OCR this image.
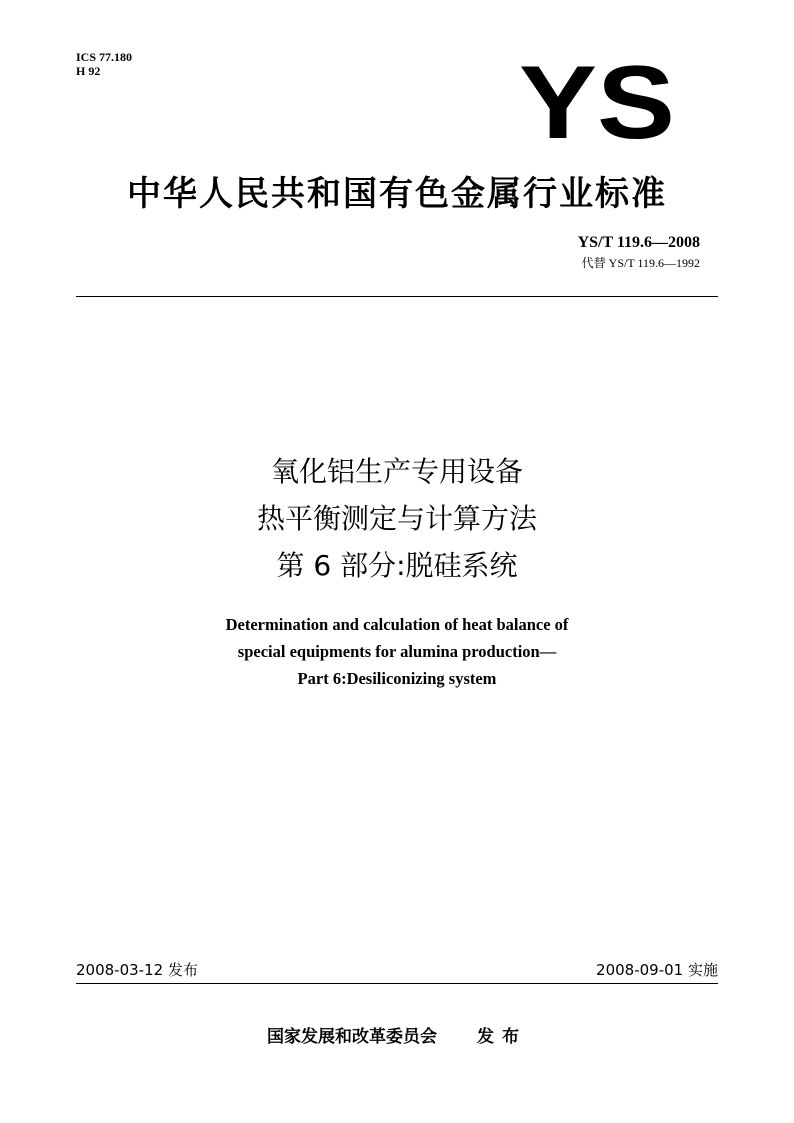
ICS 77.180
H 92	YS
中华人民共和国有色金属行业标准
YS/T 119.6—2008
代替 YS/T 119.6—1992
氧化铝生产专用设备
热平衡测定与计算方法
第 6 部分:脱硅系统
Determination and calculation of heat balance of
special equipments for alumina production—
Part 6:Desiliconizing system
2008-03-12 发布	2008-09-01 实施
国家发展和改革委员会 发布
